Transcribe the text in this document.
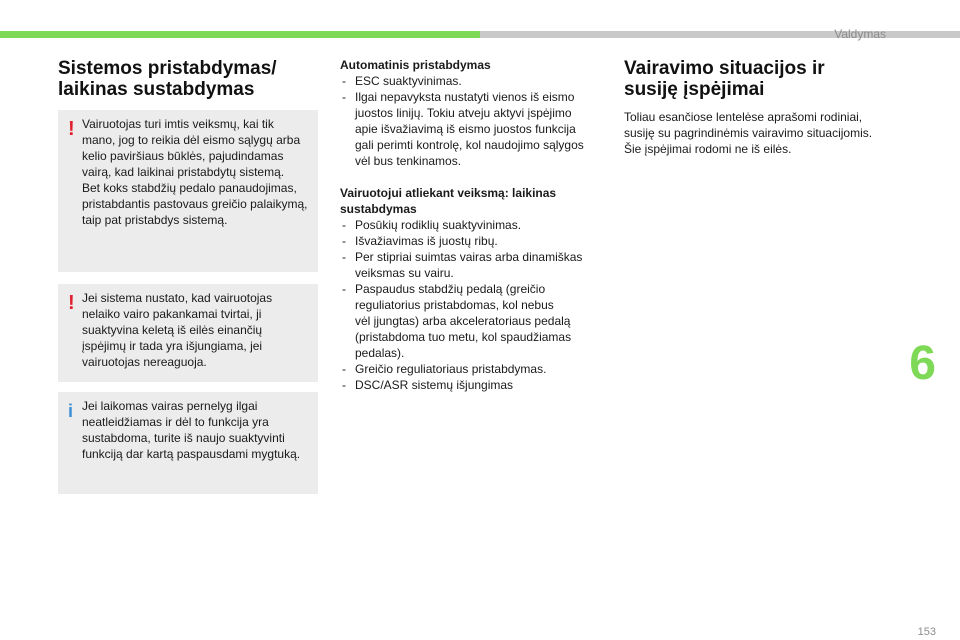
Valdymas
Sistemos pristabdymas/
laikinas sustabdymas
! Vairuotojas turi imtis veiksmų, kai tik

mano, jog to reikia dėl eismo sąlygų arba

kelio paviršiaus būklės, pajudindamas

vairą, kad laikinai pristabdytų sistemą.

Bet koks stabdžių pedalo panaudojimas,

pristabdantis pastovaus greičio palaikymą,

taip pat pristabdys sistemą.

! Jei sistema nustato, kad vairuotojas

nelaiko vairo pakankamai tvirtai, ji

suaktyvina keletą iš eilės einančių

įspėjimų ir tada yra išjungiama, jei

vairuotojas nereaguoja.

i Jei laikomas vairas pernelyg ilgai

neatleidžiamas ir dėl to funkcija yra

sustabdoma, turite iš naujo suaktyvinti

funkciją dar kartą paspausdami mygtuką.

Automatinis pristabdymas

- ESC suaktyvinimas.
- Ilgai nepavyksta nustatyti vienos iš eismo
juostos linijų. Tokiu atveju aktyvi įspėjimo
apie išvažiavimą iš eismo juostos funkcija
gali perimti kontrolę, kol naudojimo sąlygos
vėl bus tenkinamos.

Vairuotojui atliekant veiksmą: laikinas
sustabdymas

- Posūkių rodiklių suaktyvinimas.
- Išvažiavimas iš juostų ribų.
- Per stipriai suimtas vairas arba dinamiškas
veiksmas su vairu.
- Paspaudus stabdžių pedalą (greičio
reguliatorius pristabdomas, kol nebus
vėl įjungtas) arba akceleratoriaus pedalą
(pristabdoma tuo metu, kol spaudžiamas
pedalas).
- Greičio reguliatoriaus pristabdymas.
- DSC/ASR sistemų išjungimas
Vairavimo situacijos ir
susiję įspėjimai
Toliau esančiose lentelėse aprašomi rodiniai,
susiję su pagrindinėmis vairavimo situacijomis.
Šie įspėjimai rodomi ne iš eilės.
6
153
